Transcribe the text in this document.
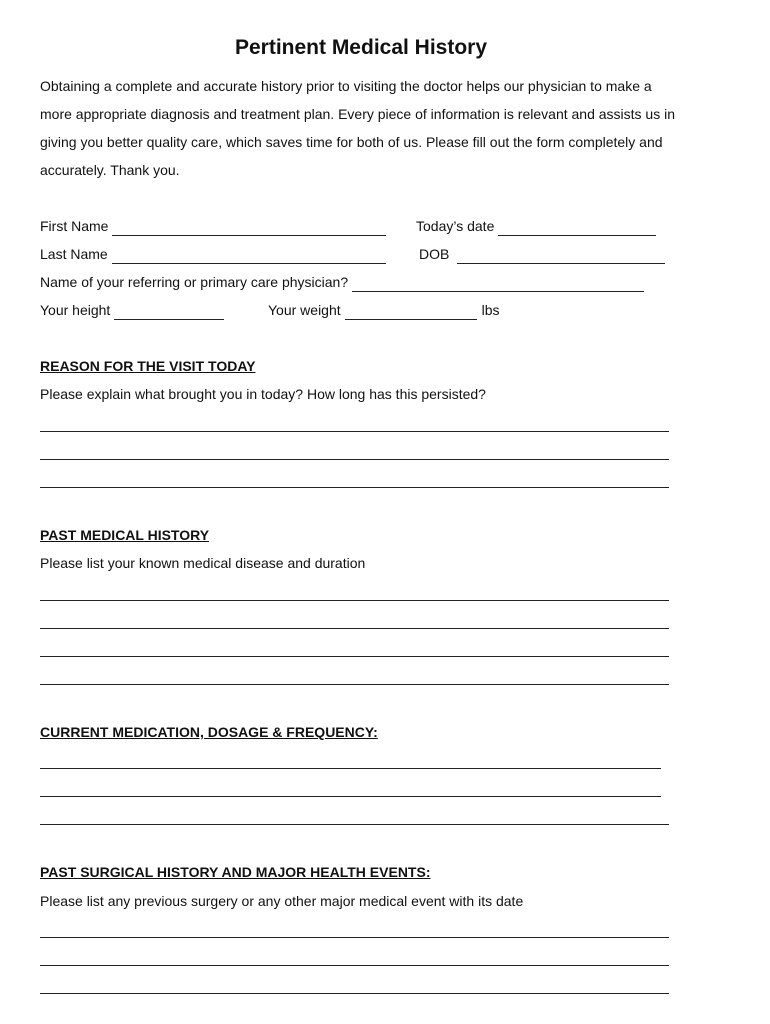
Pertinent Medical History

Obtaining a complete and accurate history prior to visiting the doctor helps our physician to make a more appropriate diagnosis and treatment plan. Every piece of information is relevant and assists us in giving you better quality care, which saves time for both of us. Please fill out the form completely and accurately. Thank you.

First Name	Today’s date
Last Name	DOB
Name of your referring or primary care physician?
Your height	Your weight	lbs

REASON FOR THE VISIT TODAY

Please explain what brought you in today? How long has this persisted?

PAST MEDICAL HISTORY

Please list your known medical disease and duration

CURRENT MEDICATION, DOSAGE & FREQUENCY:

PAST SURGICAL HISTORY AND MAJOR HEALTH EVENTS:

Please list any previous surgery or any other major medical event with its date
